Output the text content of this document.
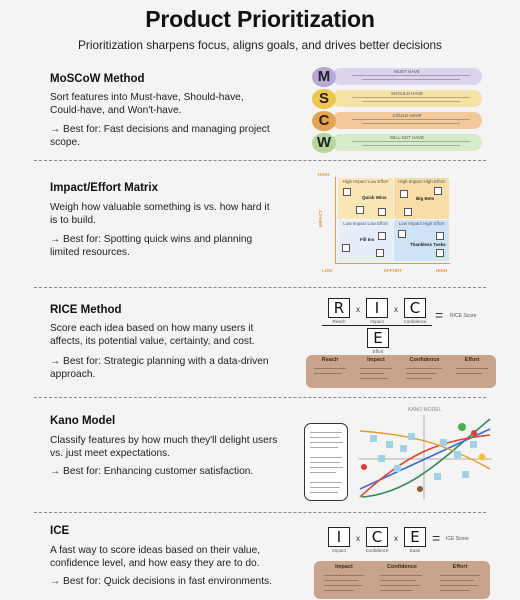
Product Prioritization
Prioritization sharpens focus, aligns goals, and drives better decisions
MoSCoW Method
Sort features into Must-have, Should-have, Could-have, and Won't-have.
→ Best for: Fast decisions and managing project scope.
MUST HAVE
M
SHOULD HAVE
S
COULD HAVE
C
WILL NOT HAVE
W
Impact/Effort Matrix
Weigh how valuable something is vs. how hard it is to build.
→ Best for: Spotting quick wins and planning limited resources.
HIGH
IMPACT
High Impact Low Effort
Quick Wins
High Impact High Effort
Big Bets
Low Impact Low Effort
Fill Ins
Low Impact High Effort
Thankless Tasks
LOW	EFFORT	HIGH
RICE Method
Score each idea based on how many users it affects, its potential value, certainty, and cost.
→ Best for: Strategic planning with a data-driven approach.
R
Reach
x I
Impact
x C
Confidence = RICE Score
E
Effort
Reach	Impact	Confidence	Effort
Kano Model
Classify features by how much they'll delight users vs. just meet expectations.
→ Best for: Enhancing customer satisfaction.
KANO MODEL
ICE
A fast way to score ideas based on their value, confidence level, and how easy they are to do.
→ Best for: Quick decisions in fast environments.
I
Impact
x C
Confidence
x E
Ease
= ICE Score
Impact	Confidence	Effort
